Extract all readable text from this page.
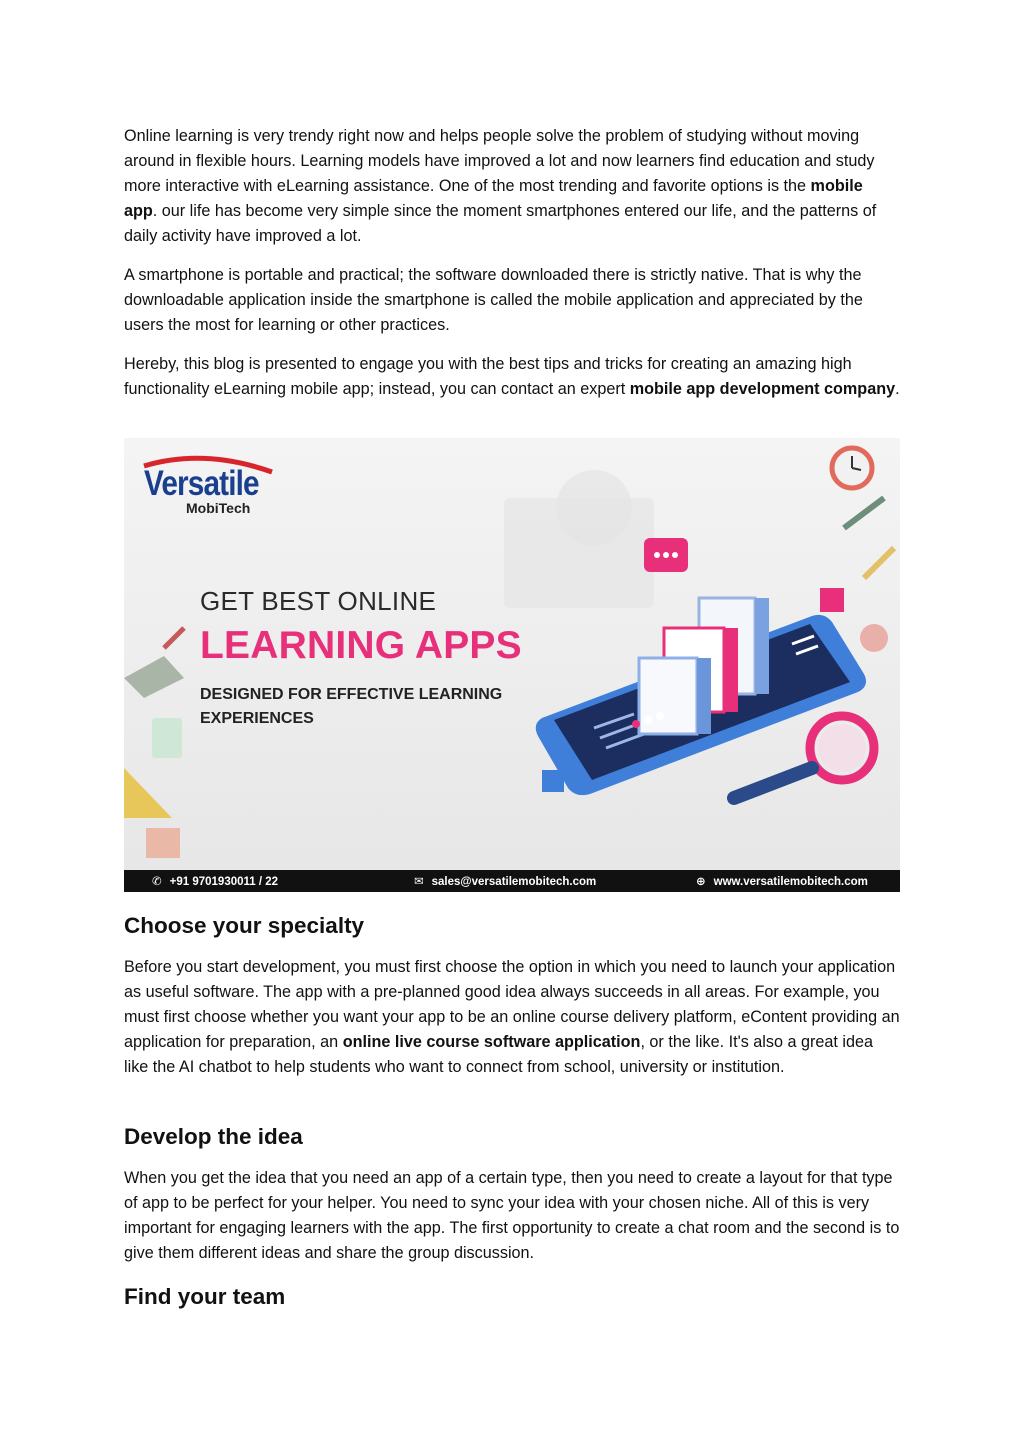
Online learning is very trendy right now and helps people solve the problem of studying without moving around in flexible hours. Learning models have improved a lot and now learners find education and study more interactive with eLearning assistance. One of the most trending and favorite options is the mobile app. our life has become very simple since the moment smartphones entered our life, and the patterns of daily activity have improved a lot.

A smartphone is portable and practical; the software downloaded there is strictly native. That is why the downloadable application inside the smartphone is called the mobile application and appreciated by the users the most for learning or other practices.

Hereby, this blog is presented to engage you with the best tips and tricks for creating an amazing high functionality eLearning mobile app; instead, you can contact an expert mobile app development company.

Versatile
MobiTech
GET BEST ONLINE
LEARNING APPS
DESIGNED FOR EFFECTIVE LEARNING EXPERIENCES
✆ +91 9701930011 / 22	✉ sales@versatilemobitech.com	⊕ www.versatilemobitech.com
Choose your specialty

Before you start development, you must first choose the option in which you need to launch your application as useful software. The app with a pre-planned good idea always succeeds in all areas. For example, you must first choose whether you want your app to be an online course delivery platform, eContent providing an application for preparation, an online live course software application, or the like. It's also a great idea like the AI chatbot to help students who want to connect from school, university or institution.

Develop the idea

When you get the idea that you need an app of a certain type, then you need to create a layout for that type of app to be perfect for your helper. You need to sync your idea with your chosen niche. All of this is very important for engaging learners with the app. The first opportunity to create a chat room and the second is to give them different ideas and share the group discussion.

Find your team
